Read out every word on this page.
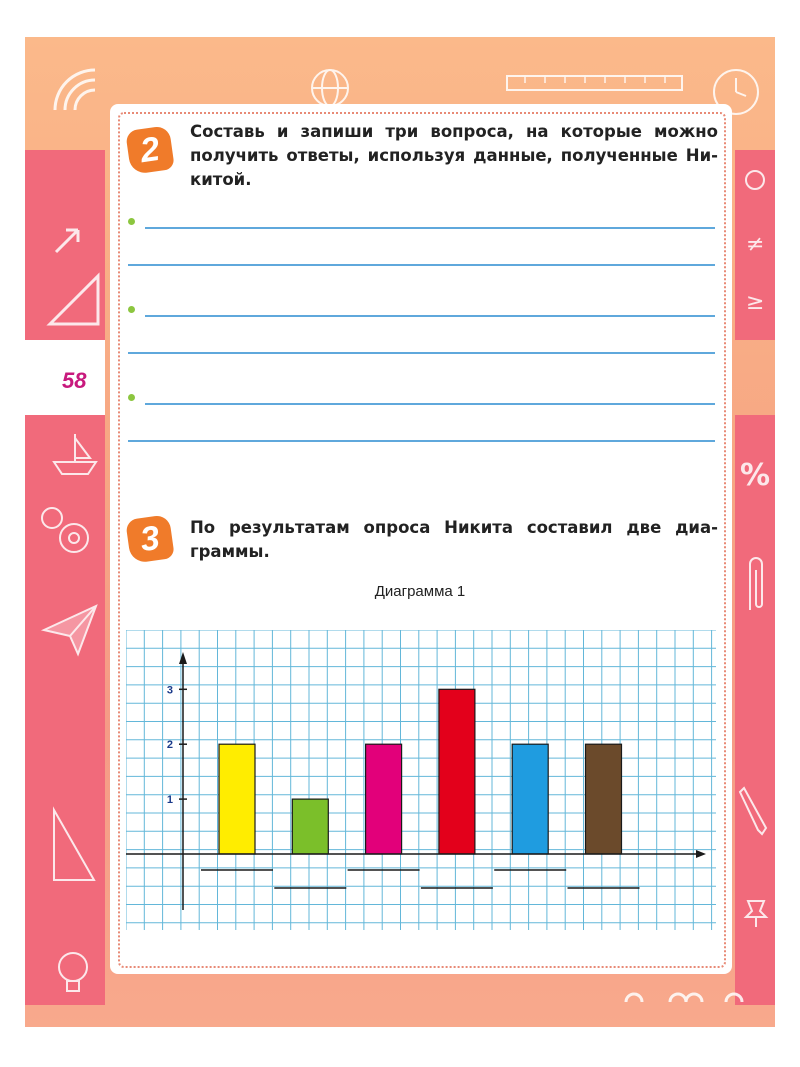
58
≠
≥
%
2	Составь и запиши три вопроса, на которые можно получить ответы, используя данные, полученные Никитой.
3	По результатам опроса Никита составил две диаграммы.
Диаграмма 1
1
2
3
